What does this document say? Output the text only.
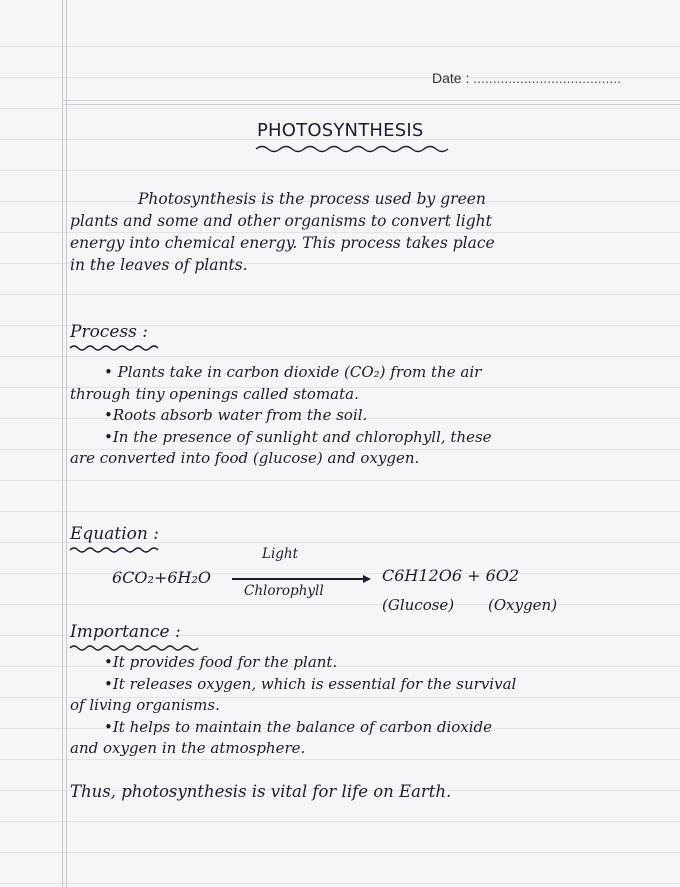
Date : ......................................
PHOTOSYNTHESIS
Photosynthesis is the process used by green
plants and some and other organisms to convert light
energy into chemical energy. This process takes place
in the leaves of plants.
Process :
• Plants take in carbon dioxide (CO₂) from the air
through tiny openings called stomata.
•Roots absorb water from the soil.
•In the presence of sunlight and chlorophyll, these
are converted into food (glucose) and oxygen.
Equation :
6CO₂+6H₂O
Light
Chlorophyll
C6H12O6 + 6O2
(Glucose) (Oxygen)
Importance :
•It provides food for the plant.
•It releases oxygen, which is essential for the survival
of living organisms.
•It helps to maintain the balance of carbon dioxide
and oxygen in the atmosphere.
Thus, photosynthesis is vital for life on Earth.
